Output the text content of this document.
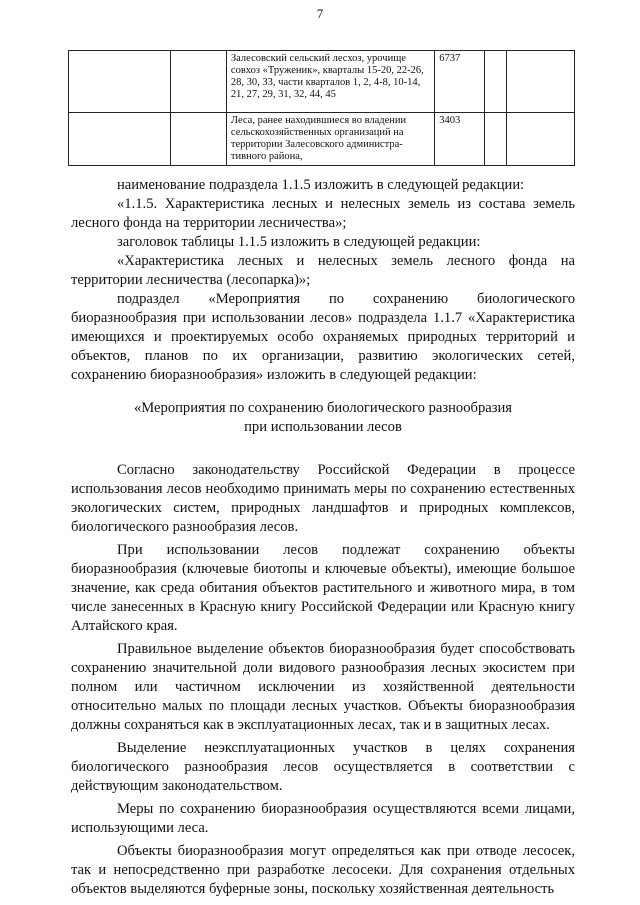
7
		Залесовский сельский лесхоз, урочище совхоз «Труженик», кварталы 15-20, 22-26, 28, 30, 33, части кварталов 1, 2, 4-8, 10-14, 21, 27, 29, 31, 32, 44, 45	6737		
		Леса, ранее находившиеся во владении сельскохозяйственных организаций на территории Залесовского администра-тивного района,	3403		

наименование подраздела 1.1.5 изложить в следующей редакции:

«1.1.5. Характеристика лесных и нелесных земель из состава земель лесного фонда на территории лесничества»;

заголовок таблицы 1.1.5 изложить в следующей редакции:

«Характеристика лесных и нелесных земель лесного фонда на территории лесничества (лесопарка)»;

подраздел «Мероприятия по сохранению биологического биоразнообразия при использовании лесов» подраздела 1.1.7 «Характеристика имеющихся и проектируемых особо охраняемых природных территорий и объектов, планов по их организации, развитию экологических сетей, сохранению биоразнообразия» изложить в следующей редакции:

«Мероприятия по сохранению биологического разнообразия
при использовании лесов

Согласно законодательству Российской Федерации в процессе использования лесов необходимо принимать меры по сохранению естественных экологических систем, природных ландшафтов и природных комплексов, биологического разнообразия лесов.

При использовании лесов подлежат сохранению объекты биоразнообразия (ключевые биотопы и ключевые объекты), имеющие большое значение, как среда обитания объектов растительного и животного мира, в том числе занесенных в Красную книгу Российской Федерации или Красную книгу Алтайского края.

Правильное выделение объектов биоразнообразия будет способствовать сохранению значительной доли видового разнообразия лесных экосистем при полном или частичном исключении из хозяйственной деятельности относительно малых по площади лесных участков. Объекты биоразнообразия должны сохраняться как в эксплуатационных лесах, так и в защитных лесах.

Выделение неэксплуатационных участков в целях сохранения биологического разнообразия лесов осуществляется в соответствии с действующим законодательством.

Меры по сохранению биоразнообразия осуществляются всеми лицами, использующими леса.

Объекты биоразнообразия могут определяться как при отводе лесосек, так и непосредственно при разработке лесосеки. Для сохранения отдельных объектов выделяются буферные зоны, поскольку хозяйственная деятельность
